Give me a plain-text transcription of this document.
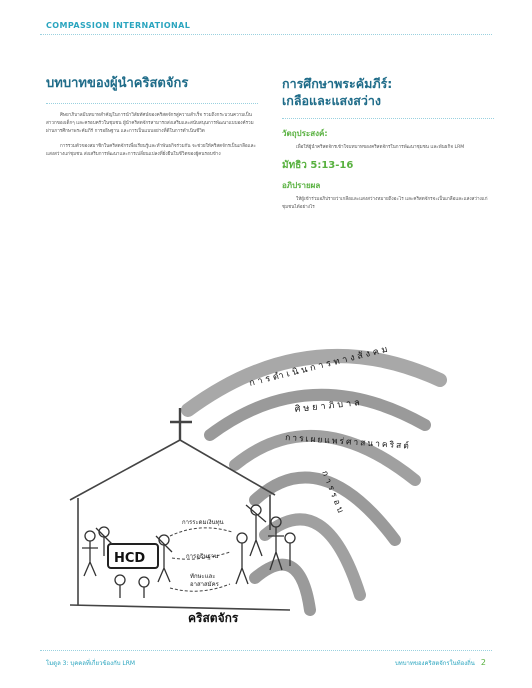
COMPASSION INTERNATIONAL
บทบาทของผู้นำคริสตจักร

ศิษยาภิบาลมีบทบาทสำคัญในการนำวิสัยทัศน์ของคริสตจักรสู่ความสำเร็จ รวมถึงกระบวนความเป็นสาวกของเด็กๆ และครอบครัวในชุมชน ผู้นำคริสตจักรสามารถส่งเสริมและสนับสนุนการพัฒนาแบบองค์รวมผ่านการศึกษาพระคัมภีร์ การอธิษฐาน และการเป็นแบบอย่างที่ดีในการดำเนินชีวิต

การรวมตัวของสมาชิกในคริสตจักรเพื่อเรียนรู้และทำพันธกิจร่วมกัน จะช่วยให้คริสตจักรเป็นเกลือและแสงสว่างแก่ชุมชน ส่งเสริมการพัฒนาและการเปลี่ยนแปลงที่ยั่งยืนในชีวิตของผู้คนรอบข้าง

การศึกษาพระคัมภีร์:
เกลือและแสงสว่าง
วัตถุประสงค์:

เพื่อให้ผู้นำคริสตจักรเข้าใจบทบาทของคริสตจักรในการพัฒนาชุมชน และพันธกิจ LRM

มัทธิว 5:13-16
อภิปรายผล

ให้ผู้เข้าร่วมอภิปรายว่าเกลือและแสงสว่างหมายถึงอะไร และคริสตจักรจะเป็นเกลือและแสงสว่างแก่ชุมชนได้อย่างไร

การดำเนินการทางสังคม
ศิษยาภิบาล
การเผยแพร่ศาสนาคริสต์
การรอบ
HCD
การระดมเงินทุน
การอธิษฐาน
ทักษะและ
อาสาสมัคร
คริสตจักร
โมดูล 3: บุคคลที่เกี่ยวข้องกับ LRM	บทบาทของคริสตจักรในท้องถิ่น 2
